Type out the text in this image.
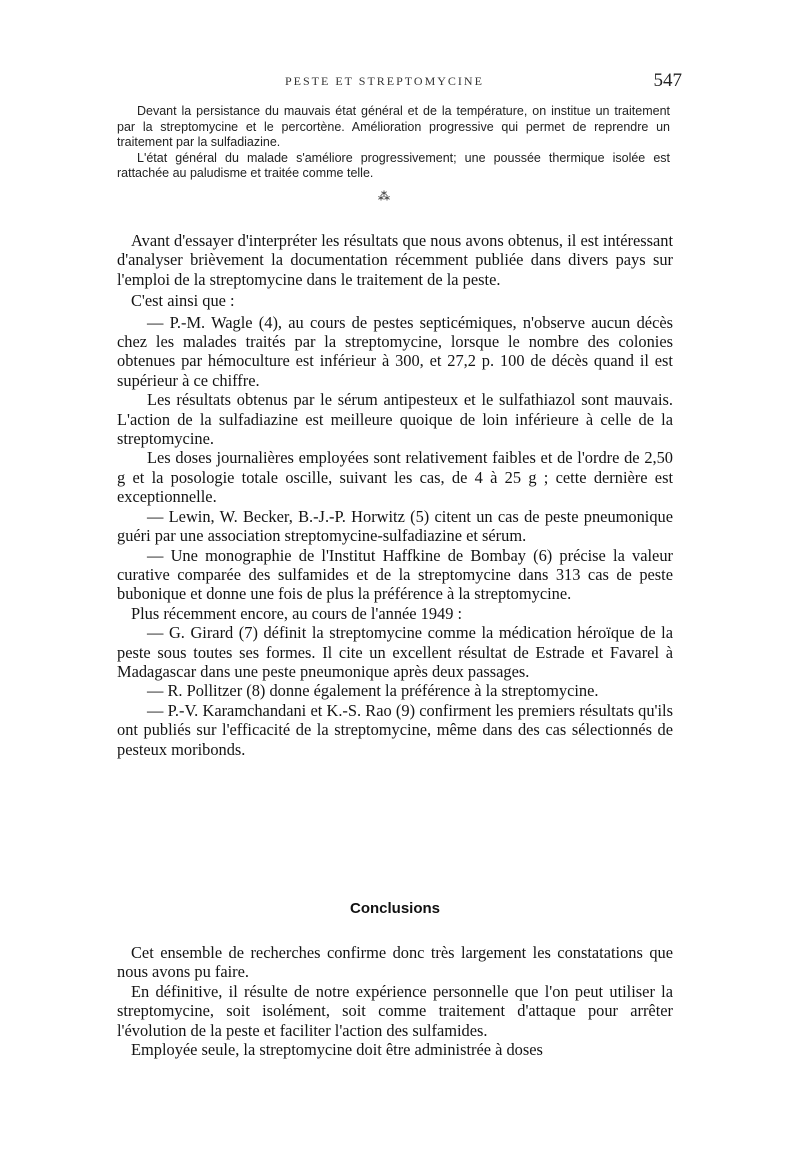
PESTE ET STREPTOMYCINE	547

Devant la persistance du mauvais état général et de la température, on institue un traitement par la streptomycine et le percortène. Amélioration progressive qui permet de reprendre un traitement par la sulfadiazine.

L'état général du malade s'améliore progressivement; une poussée thermique isolée est rattachée au paludisme et traitée comme telle.

⁂

Avant d'essayer d'interpréter les résultats que nous avons obtenus, il est intéressant d'analyser brièvement la documentation récemment publiée dans divers pays sur l'emploi de la streptomycine dans le traitement de la peste.

C'est ainsi que :

— P.-M. Wagle (4), au cours de pestes septicémiques, n'observe aucun décès chez les malades traités par la streptomycine, lorsque le nombre des colonies obtenues par hémoculture est inférieur à 300, et 27,2 p. 100 de décès quand il est supérieur à ce chiffre.

Les résultats obtenus par le sérum antipesteux et le sulfathiazol sont mauvais. L'action de la sulfadiazine est meilleure quoique de loin inférieure à celle de la streptomycine.

Les doses journalières employées sont relativement faibles et de l'ordre de 2,50 g et la posologie totale oscille, suivant les cas, de 4 à 25 g ; cette dernière est exceptionnelle.

— Lewin, W. Becker, B.-J.-P. Horwitz (5) citent un cas de peste pneumonique guéri par une association streptomycine-sulfadiazine et sérum.

— Une monographie de l'Institut Haffkine de Bombay (6) précise la valeur curative comparée des sulfamides et de la streptomycine dans 313 cas de peste bubonique et donne une fois de plus la préférence à la streptomycine.

Plus récemment encore, au cours de l'année 1949 :

— G. Girard (7) définit la streptomycine comme la médication héroïque de la peste sous toutes ses formes. Il cite un excellent résultat de Estrade et Favarel à Madagascar dans une peste pneumonique après deux passages.

— R. Pollitzer (8) donne également la préférence à la streptomycine.

— P.-V. Karamchandani et K.-S. Rao (9) confirment les premiers résultats qu'ils ont publiés sur l'efficacité de la streptomycine, même dans des cas sélectionnés de pesteux moribonds.

Conclusions

Cet ensemble de recherches confirme donc très largement les constatations que nous avons pu faire.

En définitive, il résulte de notre expérience personnelle que l'on peut utiliser la streptomycine, soit isolément, soit comme traitement d'attaque pour arrêter l'évolution de la peste et faciliter l'action des sulfamides.

Employée seule, la streptomycine doit être administrée à doses
